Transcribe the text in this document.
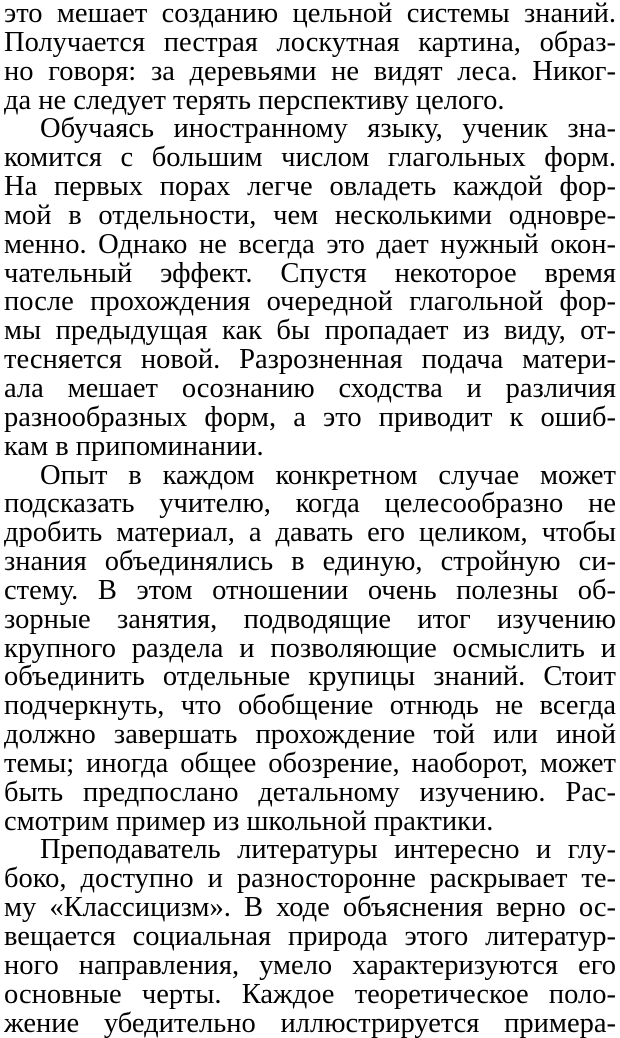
это мешает созданию цельной системы знаний.
Получается пестрая лоскутная картина, образ-
но говоря: за деревьями не видят леса. Никог-
да не следует терять перспективу целого.
Обучаясь иностранному языку, ученик зна-
комится с большим числом глагольных форм.
На первых порах легче овладеть каждой фор-
мой в отдельности, чем несколькими одновре-
менно. Однако не всегда это дает нужный окон-
чательный эффект. Спустя некоторое время
после прохождения очередной глагольной фор-
мы предыдущая как бы пропадает из виду, от-
тесняется новой. Разрозненная подача матери-
ала мешает осознанию сходства и различия
разнообразных форм, а это приводит к ошиб-
кам в припоминании.
Опыт в каждом конкретном случае может
подсказать учителю, когда целесообразно не
дробить материал, а давать его целиком, чтобы
знания объединялись в единую, стройную си-
стему. В этом отношении очень полезны об-
зорные занятия, подводящие итог изучению
крупного раздела и позволяющие осмыслить и
объединить отдельные крупицы знаний. Стоит
подчеркнуть, что обобщение отнюдь не всегда
должно завершать прохождение той или иной
темы; иногда общее обозрение, наоборот, может
быть предпослано детальному изучению. Рас-
смотрим пример из школьной практики.
Преподаватель литературы интересно и глу-
боко, доступно и разносторонне раскрывает те-
му «Классицизм». В ходе объяснения верно ос-
вещается социальная природа этого литератур-
ного направления, умело характеризуются его
основные черты. Каждое теоретическое поло-
жение убедительно иллюстрируется примера-
